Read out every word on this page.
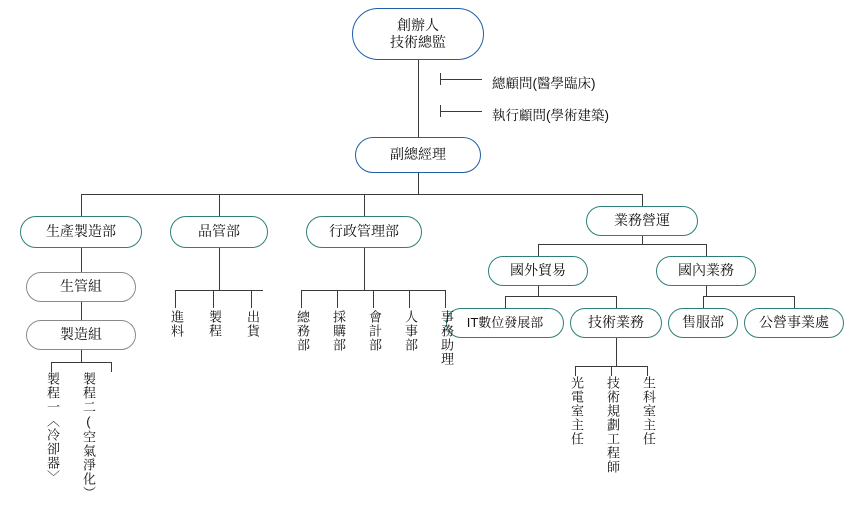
創辦人
技術總監
總顧問(醫學臨床)
執行顧問(學術建築)
副總經理
生產製造部	品管部	行政管理部
業務營運
國外貿易	國內業務
生管組
製造組
IT數位發展部	技術業務	售服部	公營事業處
製程一〈冷卻器〉 製程二(空氣淨化）
進料 製程 出貨	總務部 採購部 會計部 人事部 事務助理
光電室主任 技術規劃工程師 生科室主任
